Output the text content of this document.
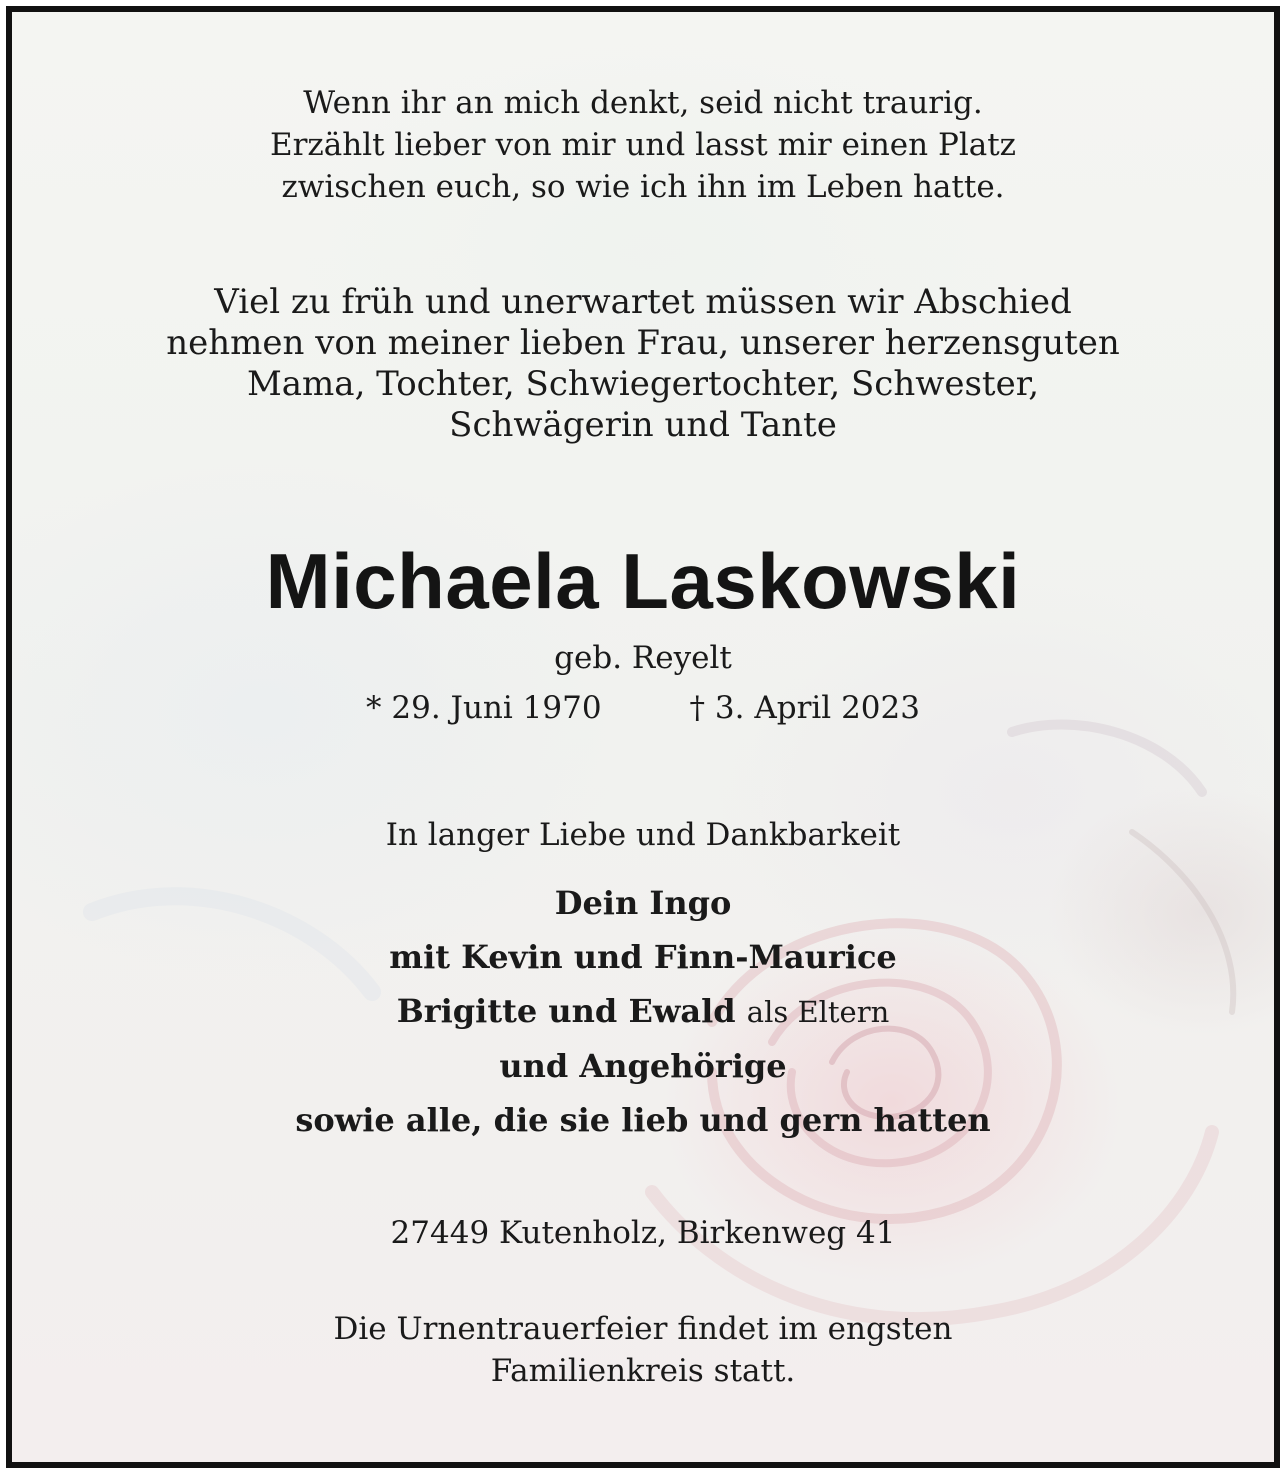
Wenn ihr an mich denkt, seid nicht traurig.
Erzählt lieber von mir und lasst mir einen Platz
zwischen euch, so wie ich ihn im Leben hatte.
Viel zu früh und unerwartet müssen wir Abschied
nehmen von meiner lieben Frau, unserer herzensguten
Mama, Tochter, Schwiegertochter, Schwester,
Schwägerin und Tante
Michaela Laskowski
geb. Reyelt
* 29. Juni 1970	† 3. April 2023
In langer Liebe und Dankbarkeit
Dein Ingo
mit Kevin und Finn-Maurice
Brigitte und Ewald als Eltern
und Angehörige
sowie alle, die sie lieb und gern hatten
27449 Kutenholz, Birkenweg 41
Die Urnentrauerfeier findet im engsten
Familienkreis statt.
